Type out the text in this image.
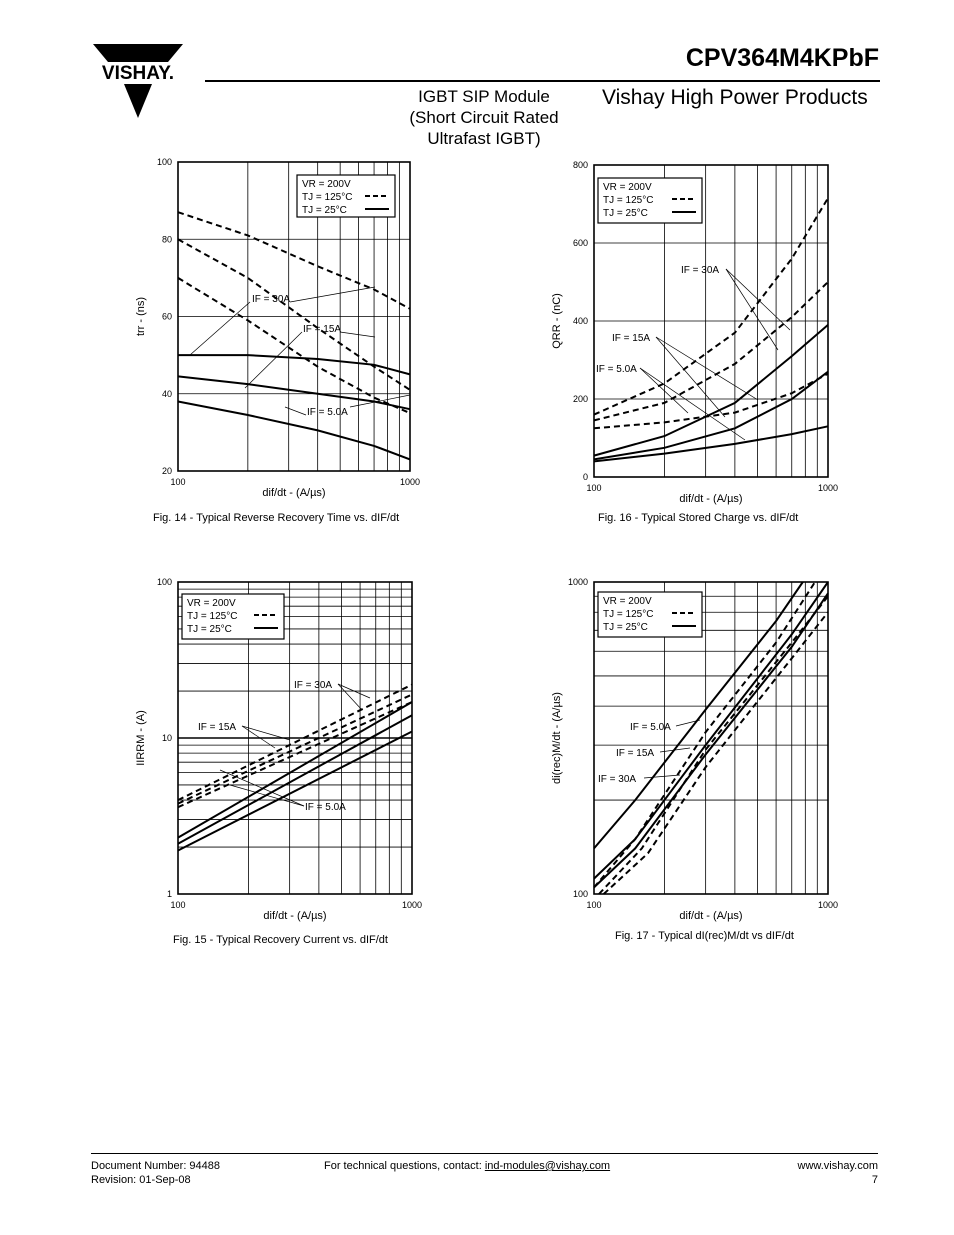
VISHAY.
CPV364M4KPbF
Vishay High Power Products
IGBT SIP Module
(Short Circuit Rated
Ultrafast IGBT)
100	1000
20
40
60
80
100
dif/dt - (A/µs)
trr - (ns)	IF = 30A
IF = 15A
IF = 5.0A
V​R = 200V
TJ = 125°C
TJ = 25°C
100	1000
0
200
400
600
800
dif/dt - (A/µs)
QRR - (nC)
IF = 30A
IF = 15A
IF = 5.0A
V​R = 200V
TJ = 125°C
TJ = 25°C
100	1000
1
10
100
dif/dt - (A/µs)
IIRRM - (A)
IF = 30A
IF = 15A
IF = 5.0A
V​R = 200V
TJ = 125°C
TJ = 25°C
100	1000
100
1000
dif/dt - (A/µs)
di(rec)M/dt - (A/µs)	IF = 5.0A
IF = 15A
IF = 30A
V​R = 200V
TJ = 125°C
TJ = 25°C
Fig. 14 - Typical Reverse Recovery Time vs. dIF/dt	Fig. 16 - Typical Stored Charge vs. dIF/dt
Fig. 15 - Typical Recovery Current vs. dIF/dt	Fig. 17 - Typical dI(rec)M/dt vs dIF/dt
Document Number: 94488
Revision: 01-Sep-08
For technical questions, contact: ind-modules@vishay.com	www.vishay.com
7
